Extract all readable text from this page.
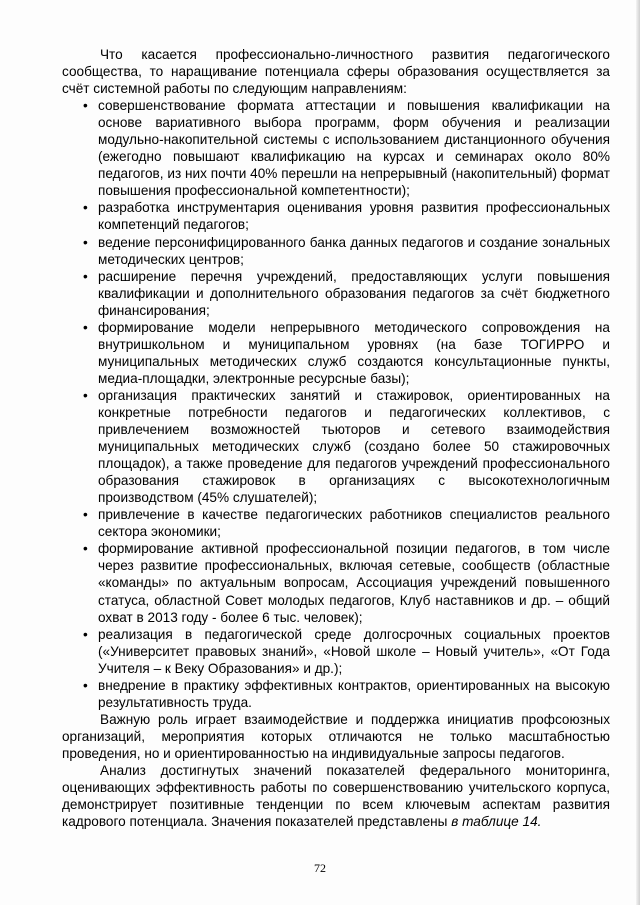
Что касается профессионально-личностного развития педагогического сообщества, то наращивание потенциала сферы образования осуществляется за счёт системной работы по следующим направлениям:

• совершенствование формата аттестации и повышения квалификации на основе вариативного выбора программ, форм обучения и реализации модульно-накопительной системы с использованием дистанционного обучения (ежегодно повышают квалификацию на курсах и семинарах около 80% педагогов, из них почти 40% перешли на непрерывный (накопительный) формат повышения профессиональной компетентности);
• разработка инструментария оценивания уровня развития профессиональных компетенций педагогов;
• ведение персонифицированного банка данных педагогов и создание зональных методических центров;
• расширение перечня учреждений, предоставляющих услуги повышения квалификации и дополнительного образования педагогов за счёт бюджетного финансирования;
• формирование модели непрерывного методического сопровождения на внутришкольном и муниципальном уровнях (на базе ТОГИРРО и муниципальных методических служб создаются консультационные пункты, медиа-площадки, электронные ресурсные базы);
• организация практических занятий и стажировок, ориентированных на конкретные потребности педагогов и педагогических коллективов, с привлечением возможностей тьюторов и сетевого взаимодействия муниципальных методических служб (создано более 50 стажировочных площадок), а также проведение для педагогов учреждений профессионального образования стажировок в организациях с высокотехнологичным производством (45% слушателей);
• привлечение в качестве педагогических работников специалистов реального сектора экономики;
• формирование активной профессиональной позиции педагогов, в том числе через развитие профессиональных, включая сетевые, сообществ (областные «команды» по актуальным вопросам, Ассоциация учреждений повышенного статуса, областной Совет молодых педагогов, Клуб наставников и др. – общий охват в 2013 году - более 6 тыс. человек);
• реализация в педагогической среде долгосрочных социальных проектов («Университет правовых знаний», «Новой школе – Новый учитель», «От Года Учителя – к Веку Образования» и др.);
• внедрение в практику эффективных контрактов, ориентированных на высокую результативность труда.

Важную роль играет взаимодействие и поддержка инициатив профсоюзных организаций, мероприятия которых отличаются не только масштабностью проведения, но и ориентированностью на индивидуальные запросы педагогов.

Анализ достигнутых значений показателей федерального мониторинга, оценивающих эффективность работы по совершенствованию учительского корпуса, демонстрирует позитивные тенденции по всем ключевым аспектам развития кадрового потенциала. Значения показателей представлены в таблице 14.

72
